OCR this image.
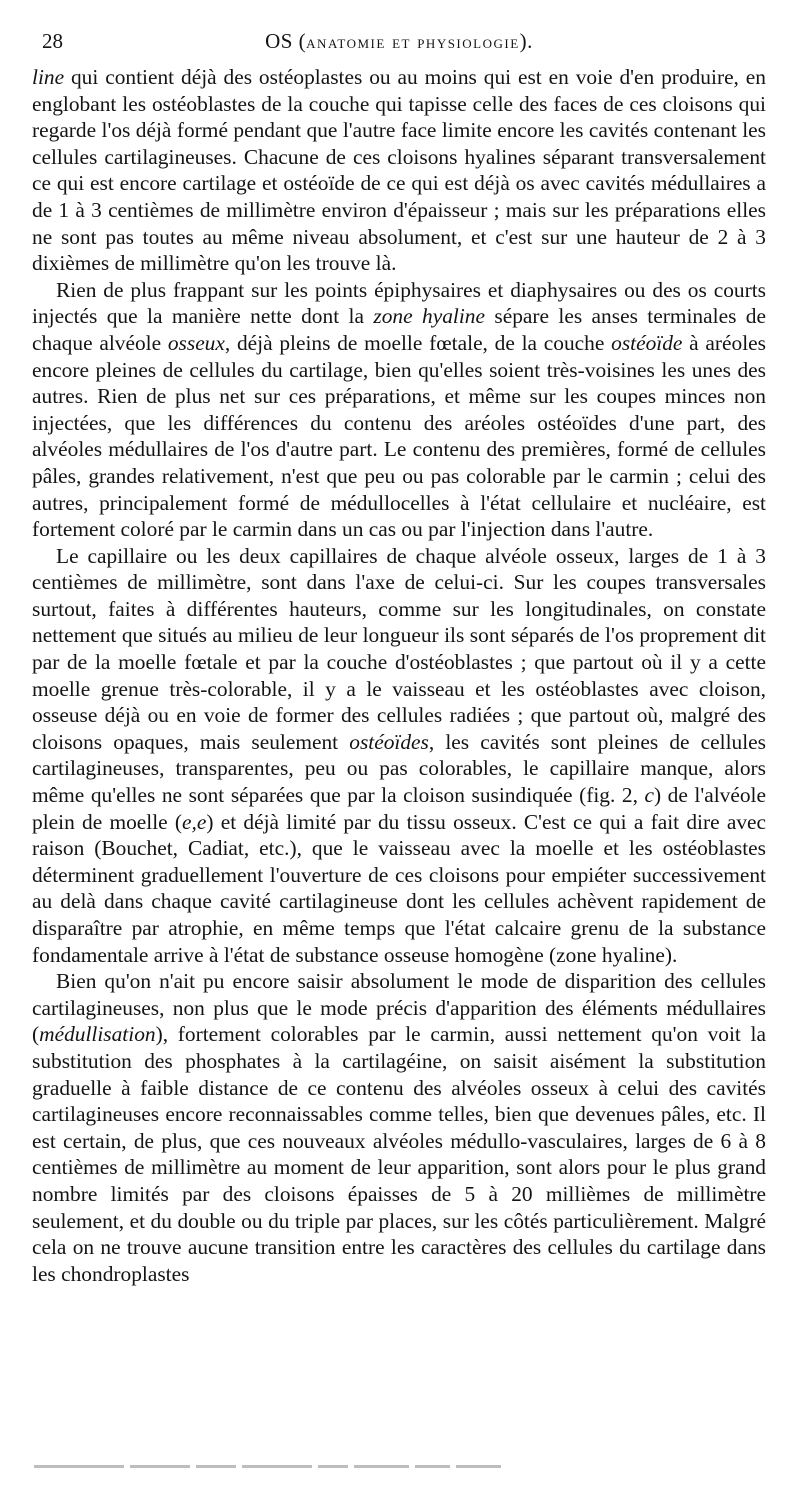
28	OS (anatomie et physiologie).

line qui contient déjà des ostéoplastes ou au moins qui est en voie d'en produire, en englobant les ostéoblastes de la couche qui tapisse celle des faces de ces cloisons qui regarde l'os déjà formé pendant que l'autre face limite encore les cavités contenant les cellules cartilagineuses. Chacune de ces cloisons hyalines séparant transversalement ce qui est encore cartilage et ostéoïde de ce qui est déjà os avec cavités médullaires a de 1 à 3 centièmes de millimètre environ d'épaisseur ; mais sur les préparations elles ne sont pas toutes au même niveau absolument, et c'est sur une hauteur de 2 à 3 dixièmes de millimètre qu'on les trouve là.

Rien de plus frappant sur les points épiphysaires et diaphysaires ou des os courts injectés que la manière nette dont la zone hyaline sépare les anses terminales de chaque alvéole osseux, déjà pleins de moelle fœtale, de la couche ostéoïde à aréoles encore pleines de cellules du cartilage, bien qu'elles soient très-voisines les unes des autres. Rien de plus net sur ces préparations, et même sur les coupes minces non injectées, que les différences du contenu des aréoles ostéoïdes d'une part, des alvéoles médullaires de l'os d'autre part. Le contenu des premières, formé de cellules pâles, grandes relativement, n'est que peu ou pas colorable par le carmin ; celui des autres, principalement formé de médullocelles à l'état cellulaire et nucléaire, est fortement coloré par le carmin dans un cas ou par l'injection dans l'autre.

Le capillaire ou les deux capillaires de chaque alvéole osseux, larges de 1 à 3 centièmes de millimètre, sont dans l'axe de celui-ci. Sur les coupes transversales surtout, faites à différentes hauteurs, comme sur les longitudinales, on constate nettement que situés au milieu de leur longueur ils sont séparés de l'os proprement dit par de la moelle fœtale et par la couche d'ostéoblastes ; que partout où il y a cette moelle grenue très-colorable, il y a le vaisseau et les ostéoblastes avec cloison, osseuse déjà ou en voie de former des cellules radiées ; que partout où, malgré des cloisons opaques, mais seulement ostéoïdes, les cavités sont pleines de cellules cartilagineuses, transparentes, peu ou pas colorables, le capillaire manque, alors même qu'elles ne sont séparées que par la cloison susindiquée (fig. 2, c) de l'alvéole plein de moelle (e,e) et déjà limité par du tissu osseux. C'est ce qui a fait dire avec raison (Bouchet, Cadiat, etc.), que le vaisseau avec la moelle et les ostéoblastes déterminent graduellement l'ouverture de ces cloisons pour empiéter successivement au delà dans chaque cavité cartilagineuse dont les cellules achèvent rapidement de disparaître par atrophie, en même temps que l'état calcaire grenu de la substance fondamentale arrive à l'état de substance osseuse homogène (zone hyaline).

Bien qu'on n'ait pu encore saisir absolument le mode de disparition des cellules cartilagineuses, non plus que le mode précis d'apparition des éléments médullaires (médullisation), fortement colorables par le carmin, aussi nettement qu'on voit la substitution des phosphates à la cartilagéine, on saisit aisément la substitution graduelle à faible distance de ce contenu des alvéoles osseux à celui des cavités cartilagineuses encore reconnaissables comme telles, bien que devenues pâles, etc. Il est certain, de plus, que ces nouveaux alvéoles médullo-vasculaires, larges de 6 à 8 centièmes de millimètre au moment de leur apparition, sont alors pour le plus grand nombre limités par des cloisons épaisses de 5 à 20 millièmes de millimètre seulement, et du double ou du triple par places, sur les côtés particulièrement. Malgré cela on ne trouve aucune transition entre les caractères des cellules du cartilage dans les chondroplastes
